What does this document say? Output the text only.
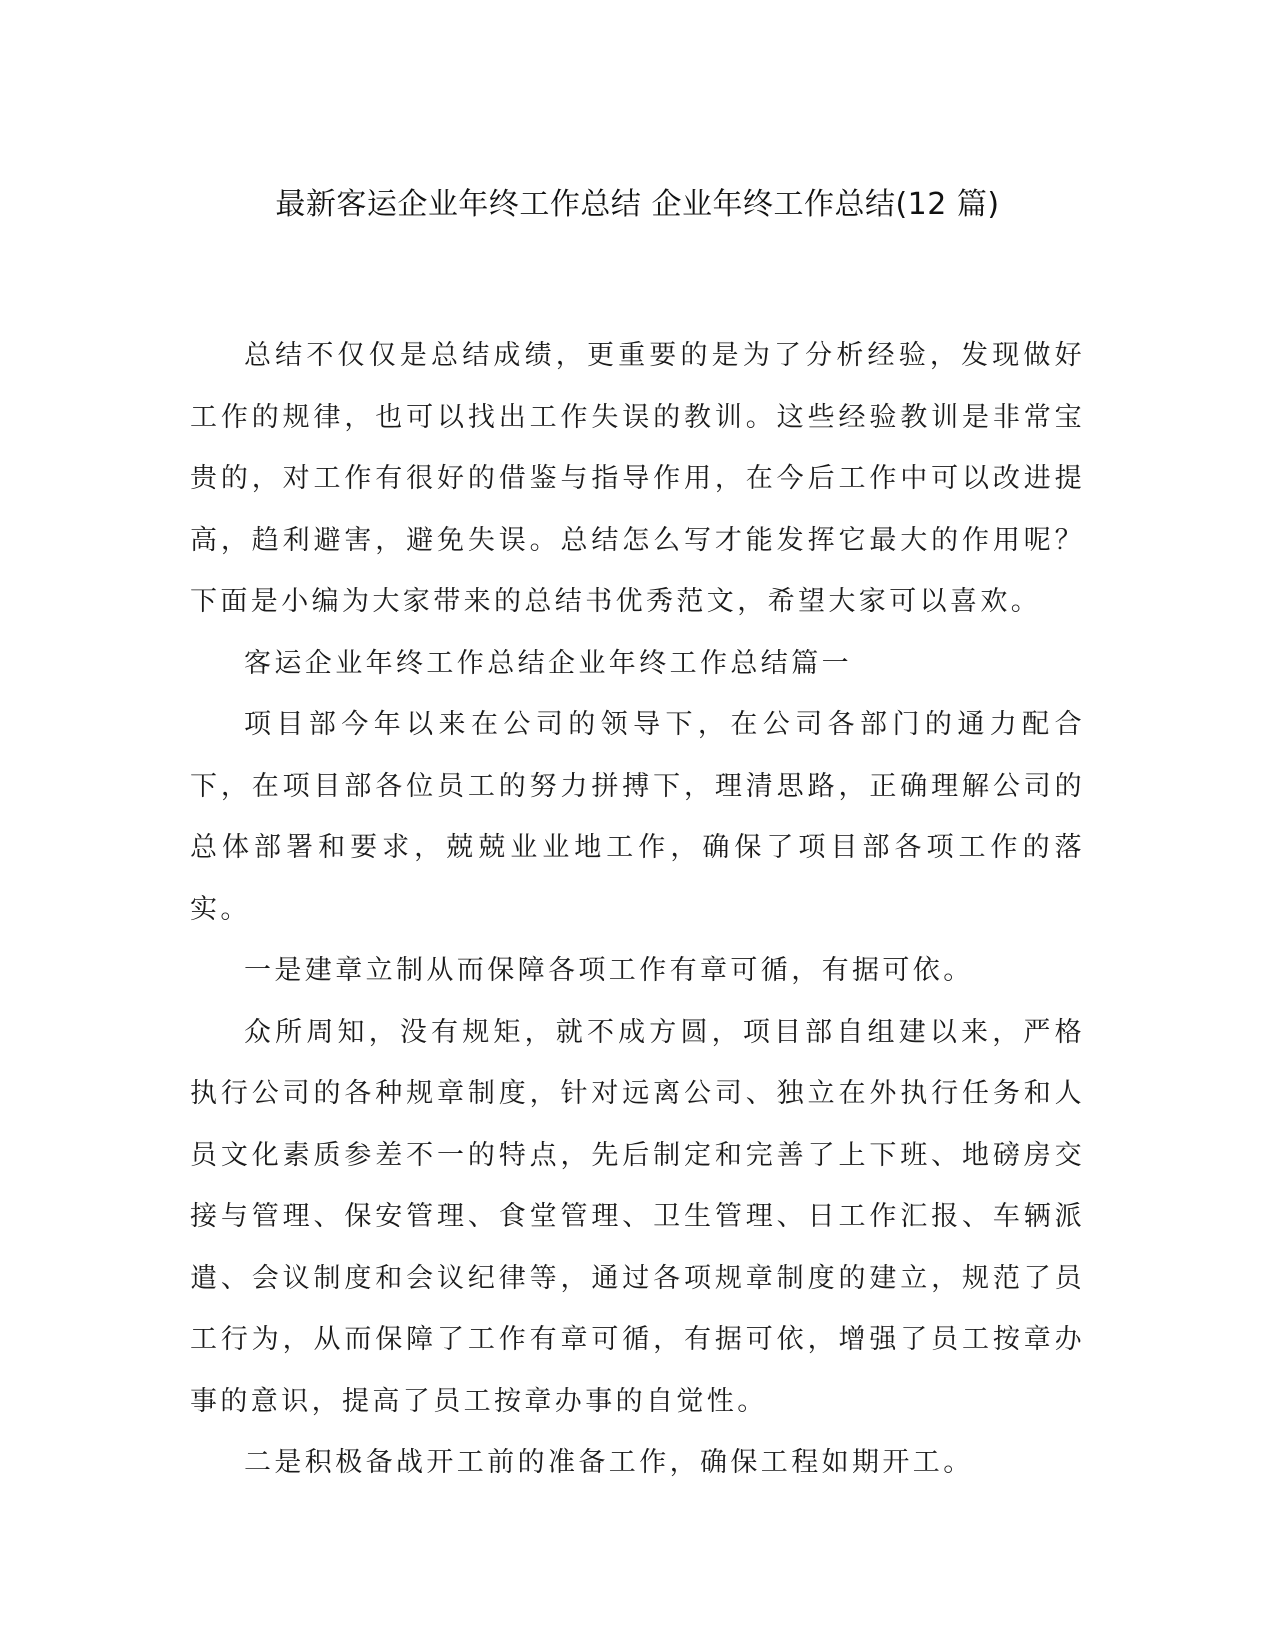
最新客运企业年终工作总结 企业年终工作总结(12 篇)

总结不仅仅是总结成绩，更重要的是为了分析经验，发现做好工作的规律，也可以找出工作失误的教训。这些经验教训是非常宝贵的，对工作有很好的借鉴与指导作用，在今后工作中可以改进提高，趋利避害，避免失误。总结怎么写才能发挥它最大的作用呢？下面是小编为大家带来的总结书优秀范文，希望大家可以喜欢。

客运企业年终工作总结企业年终工作总结篇一

项目部今年以来在公司的领导下，在公司各部门的通力配合下，在项目部各位员工的努力拼搏下，理清思路，正确理解公司的总体部署和要求，兢兢业业地工作，确保了项目部各项工作的落实。

一是建章立制从而保障各项工作有章可循，有据可依。

众所周知，没有规矩，就不成方圆，项目部自组建以来，严格执行公司的各种规章制度，针对远离公司、独立在外执行任务和人员文化素质参差不一的特点，先后制定和完善了上下班、地磅房交接与管理、保安管理、食堂管理、卫生管理、日工作汇报、车辆派遣、会议制度和会议纪律等，通过各项规章制度的建立，规范了员工行为，从而保障了工作有章可循，有据可依，增强了员工按章办事的意识，提高了员工按章办事的自觉性。

二是积极备战开工前的准备工作，确保工程如期开工。
